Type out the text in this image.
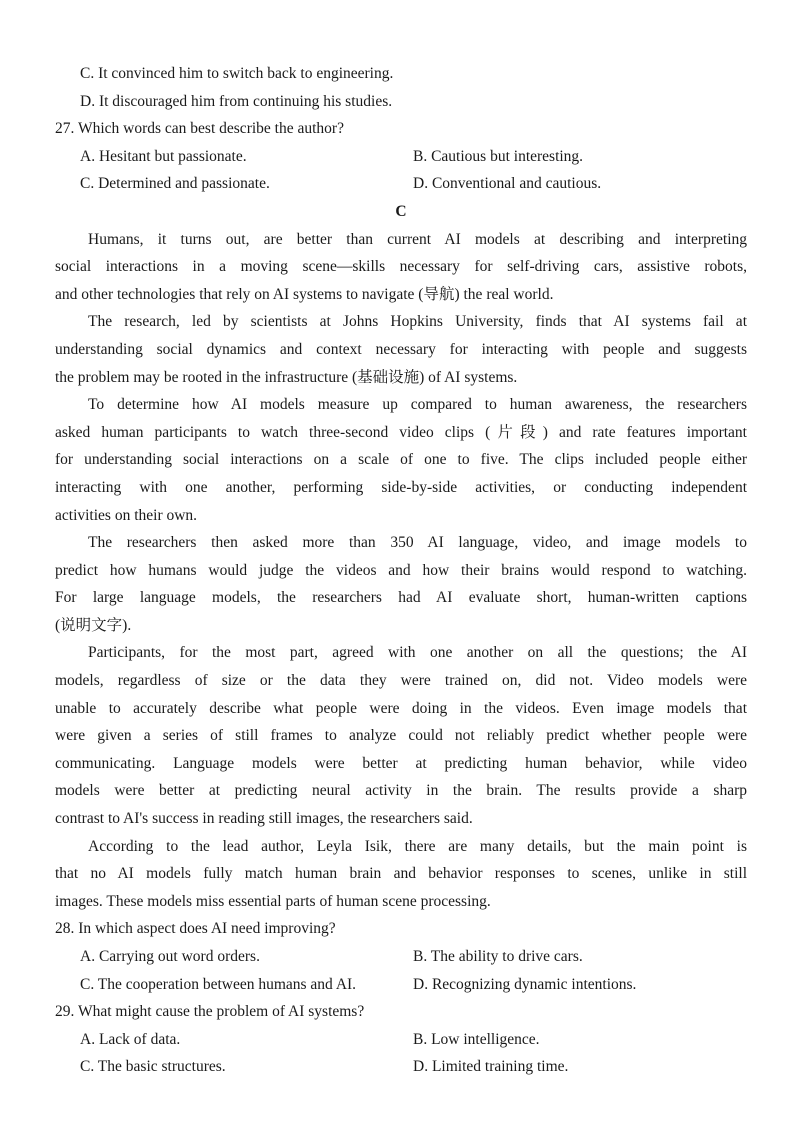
C. It convinced him to switch back to engineering.
D. It discouraged him from continuing his studies.
27. Which words can best describe the author?
A. Hesitant but passionate.	B. Cautious but interesting.
C. Determined and passionate.	D. Conventional and cautious.
C
Humans, it turns out, are better than current AI models at describing and interpreting
social interactions in a moving scene—skills necessary for self-driving cars, assistive robots,
and other technologies that rely on AI systems to navigate (导航) the real world.
The research, led by scientists at Johns Hopkins University, finds that AI systems fail at
understanding social dynamics and context necessary for interacting with people and suggests
the problem may be rooted in the infrastructure (基础设施) of AI systems.
To determine how AI models measure up compared to human awareness, the researchers
asked human participants to watch three-second video clips (片段) and rate features important
for understanding social interactions on a scale of one to five. The clips included people either
interacting with one another, performing side-by-side activities, or conducting independent
activities on their own.
The researchers then asked more than 350 AI language, video, and image models to
predict how humans would judge the videos and how their brains would respond to watching.
For large language models, the researchers had AI evaluate short, human-written captions
(说明文字).
Participants, for the most part, agreed with one another on all the questions; the AI
models, regardless of size or the data they were trained on, did not. Video models were
unable to accurately describe what people were doing in the videos. Even image models that
were given a series of still frames to analyze could not reliably predict whether people were
communicating. Language models were better at predicting human behavior, while video
models were better at predicting neural activity in the brain. The results provide a sharp
contrast to AI's success in reading still images, the researchers said.
According to the lead author, Leyla Isik, there are many details, but the main point is
that no AI models fully match human brain and behavior responses to scenes, unlike in still
images. These models miss essential parts of human scene processing.
28. In which aspect does AI need improving?
A. Carrying out word orders.	B. The ability to drive cars.
C. The cooperation between humans and AI.	D. Recognizing dynamic intentions.
29. What might cause the problem of AI systems?
A. Lack of data.	B. Low intelligence.
C. The basic structures.	D. Limited training time.
